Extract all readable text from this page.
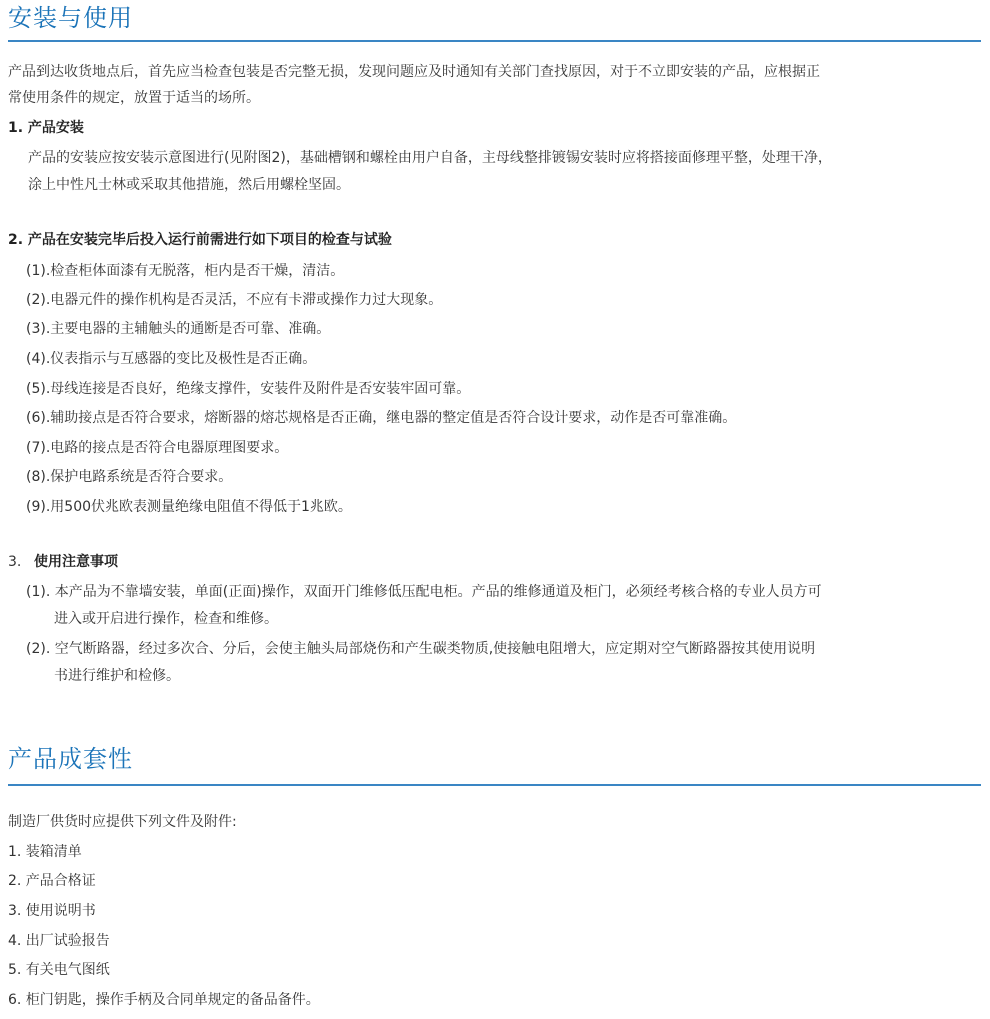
安装与使用
产品到达收货地点后，首先应当检查包装是否完整无损，发现问题应及时通知有关部门查找原因，对于不立即安装的产品，应根据正
常使用条件的规定，放置于适当的场所。
1. 产品安装
产品的安装应按安装示意图进行(见附图2)，基础槽钢和螺栓由用户自备，主母线整排镀锡安装时应将搭接面修理平整，处理干净，
涂上中性凡士林或采取其他措施，然后用螺栓坚固。
2. 产品在安装完毕后投入运行前需进行如下项目的检查与试验
(1).检查柜体面漆有无脱落，柜内是否干燥，清洁。
(2).电器元件的操作机构是否灵活，不应有卡滞或操作力过大现象。
(3).主要电器的主辅触头的通断是否可靠、准确。
(4).仪表指示与互感器的变比及极性是否正确。
(5).母线连接是否良好，绝缘支撑件，安装件及附件是否安装牢固可靠。
(6).辅助接点是否符合要求，熔断器的熔芯规格是否正确，继电器的整定值是否符合设计要求，动作是否可靠准确。
(7).电路的接点是否符合电器原理图要求。
(8).保护电路系统是否符合要求。
(9).用500伏兆欧表测量绝缘电阻值不得低于1兆欧。
3. 使用注意事项
(1). 本产品为不靠墙安装，单面(正面)操作，双面开门维修低压配电柜。产品的维修通道及柜门，必须经考核合格的专业人员方可
进入或开启进行操作，检查和维修。
(2). 空气断路器，经过多次合、分后，会使主触头局部烧伤和产生碳类物质,使接触电阻增大，应定期对空气断路器按其使用说明
书进行维护和检修。
产品成套性
制造厂供货时应提供下列文件及附件:
1. 装箱清单
2. 产品合格证
3. 使用说明书
4. 出厂试验报告
5. 有关电气图纸
6. 柜门钥匙，操作手柄及合同单规定的备品备件。
